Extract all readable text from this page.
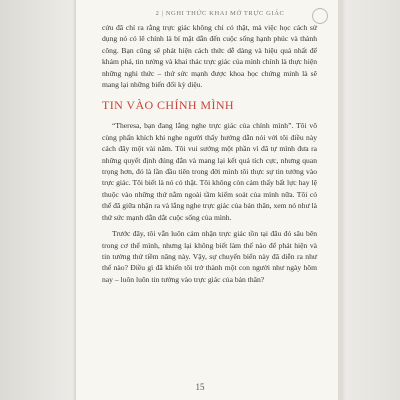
2 | NGHI THỨC KHAI MỞ TRỰC GIÁC

cửu đã chỉ ra rằng trực giác không chỉ có thật, mà việc học cách sử dụng nó có lẽ chính là bí mật dẫn đến cuộc sống hạnh phúc và thành công. Bạn cũng sẽ phát hiện cách thức dễ dàng và hiệu quả nhất để khám phá, tin tưởng và khai thác trực giác của mình chính là thực hiện những nghi thức – thứ sức mạnh được khoa học chứng minh là sẽ mang lại những biến đổi kỳ diệu.

TIN VÀO CHÍNH MÌNH

“Theresa, bạn đang lắng nghe trực giác của chính mình”. Tôi vô cùng phấn khích khi nghe người thấy hướng dẫn nói với tôi điều này cách đây một vài năm. Tôi vui sướng một phần vì đã tự mình đưa ra những quyết định đúng đắn và mang lại kết quả tích cực, nhưng quan trọng hơn, đó là lần đầu tiên trong đời mình tôi thực sự tin tưởng vào trực giác. Tôi biết là nó có thật. Tôi không còn cảm thấy bất lực hay lệ thuộc vào những thứ nằm ngoài tầm kiểm soát của mình nữa. Tôi có thể đã giữa nhận ra và lắng nghe trực giác của bản thân, xem nó như là thứ sức mạnh dẫn dắt cuộc sống của mình.

Trước đây, tôi vẫn luôn cảm nhận trực giác tồn tại đâu đó sâu bên trong cơ thể mình, nhưng lại không biết làm thế nào để phát hiện và tin tưởng thứ tiềm năng này. Vậy, sự chuyển biến này đã diễn ra như thế nào? Điều gì đã khiến tôi trở thành một con người như ngày hôm nay – luôn luôn tin tưởng vào trực giác của bản thân?

15
